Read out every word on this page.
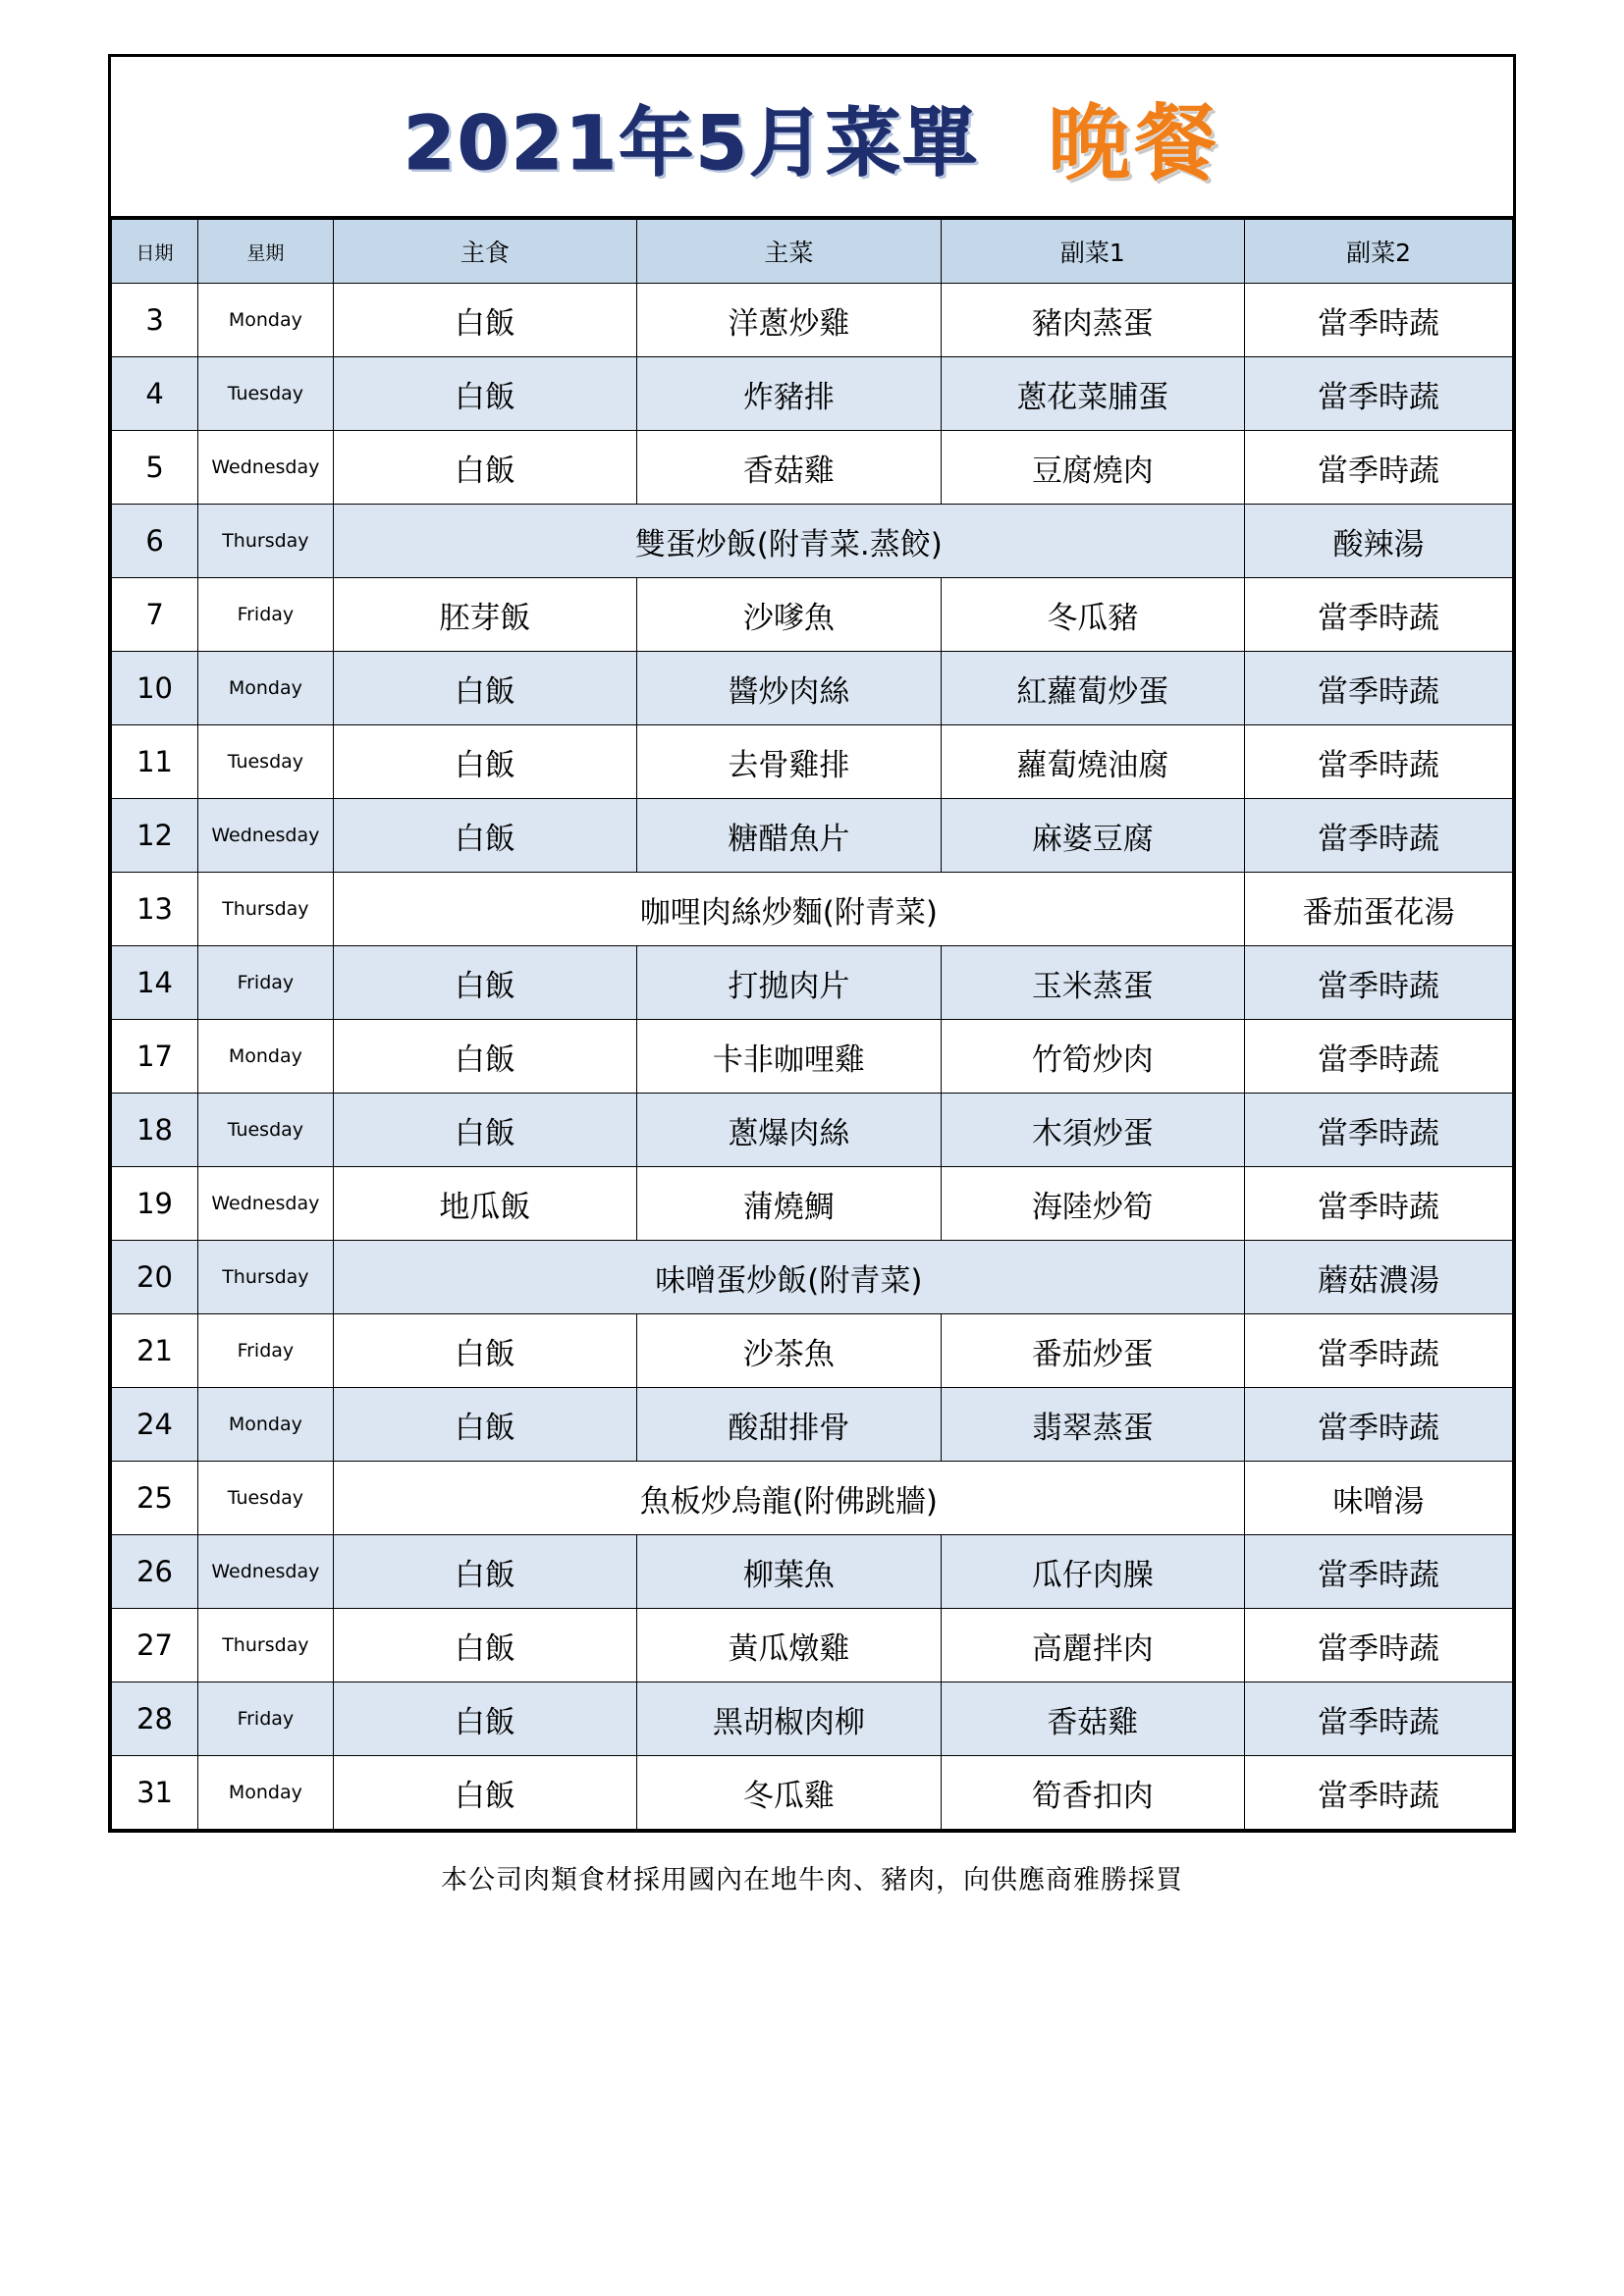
2021年5月菜單 晚餐
日期	星期	主食	主菜	副菜1	副菜2
3	Monday	白飯	洋蔥炒雞	豬肉蒸蛋	當季時蔬
4	Tuesday	白飯	炸豬排	蔥花菜脯蛋	當季時蔬
5	Wednesday	白飯	香菇雞	豆腐燒肉	當季時蔬
6	Thursday	雙蛋炒飯(附青菜.蒸餃)			酸辣湯
7	Friday	胚芽飯	沙嗲魚	冬瓜豬	當季時蔬
10	Monday	白飯	醬炒肉絲	紅蘿蔔炒蛋	當季時蔬
11	Tuesday	白飯	去骨雞排	蘿蔔燒油腐	當季時蔬
12	Wednesday	白飯	糖醋魚片	麻婆豆腐	當季時蔬
13	Thursday	咖哩肉絲炒麵(附青菜)			番茄蛋花湯
14	Friday	白飯	打拋肉片	玉米蒸蛋	當季時蔬
17	Monday	白飯	卡非咖哩雞	竹筍炒肉	當季時蔬
18	Tuesday	白飯	蔥爆肉絲	木須炒蛋	當季時蔬
19	Wednesday	地瓜飯	蒲燒鯛	海陸炒筍	當季時蔬
20	Thursday	味噌蛋炒飯(附青菜)			蘑菇濃湯
21	Friday	白飯	沙茶魚	番茄炒蛋	當季時蔬
24	Monday	白飯	酸甜排骨	翡翠蒸蛋	當季時蔬
25	Tuesday	魚板炒烏龍(附佛跳牆)			味噌湯
26	Wednesday	白飯	柳葉魚	瓜仔肉臊	當季時蔬
27	Thursday	白飯	黃瓜燉雞	高麗拌肉	當季時蔬
28	Friday	白飯	黑胡椒肉柳	香菇雞	當季時蔬
31	Monday	白飯	冬瓜雞	筍香扣肉	當季時蔬
本公司肉類食材採用國內在地牛肉、豬肉，向供應商雅勝採買
